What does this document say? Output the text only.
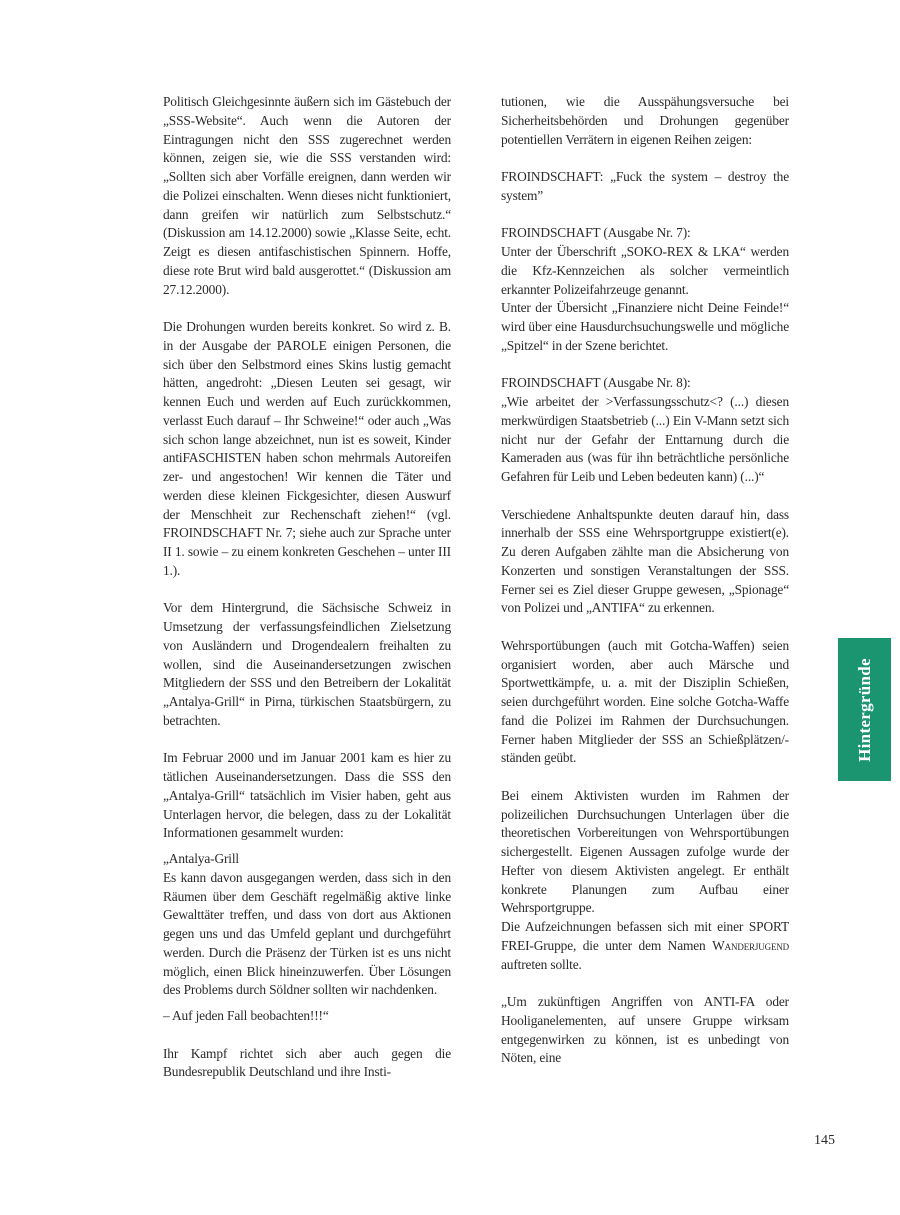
Politisch Gleichgesinnte äußern sich im Gästebuch der „SSS-Website“. Auch wenn die Autoren der Eintragungen nicht den SSS zugerechnet werden können, zeigen sie, wie die SSS verstanden wird: „Sollten sich aber Vorfälle ereignen, dann werden wir die Polizei einschalten. Wenn dieses nicht funktioniert, dann greifen wir natürlich zum Selbstschutz.“ (Diskussion am 14.12.2000) sowie „Klasse Seite, echt. Zeigt es diesen antifaschistischen Spinnern. Hoffe, diese rote Brut wird bald ausgerottet.“ (Diskussion am 27.12.2000).

Die Drohungen wurden bereits konkret. So wird z. B. in der Ausgabe der PAROLE einigen Personen, die sich über den Selbstmord eines Skins lustig gemacht hätten, angedroht: „Diesen Leuten sei gesagt, wir kennen Euch und werden auf Euch zurückkommen, verlasst Euch darauf – Ihr Schweine!“ oder auch „Was sich schon lange abzeichnet, nun ist es soweit, Kinder antiFASCHISTEN haben schon mehrmals Autoreifen zer- und angestochen! Wir kennen die Täter und werden diese kleinen Fickgesichter, diesen Auswurf der Menschheit zur Rechenschaft ziehen!“ (vgl. FROINDSCHAFT Nr. 7; siehe auch zur Sprache unter II 1. sowie – zu einem konkreten Geschehen – unter III 1.).

Vor dem Hintergrund, die Sächsische Schweiz in Umsetzung der verfassungsfeindlichen Zielsetzung von Ausländern und Drogendealern freihalten zu wollen, sind die Auseinandersetzungen zwischen Mitgliedern der SSS und den Betreibern der Lokalität „Antalya-Grill“ in Pirna, türkischen Staatsbürgern, zu betrachten.

Im Februar 2000 und im Januar 2001 kam es hier zu tätlichen Auseinandersetzungen. Dass die SSS den „Antalya-Grill“ tatsächlich im Visier haben, geht aus Unterlagen hervor, die belegen, dass zu der Lokalität Informationen gesammelt wurden:

„Antalya-Grill
Es kann davon ausgegangen werden, dass sich in den Räumen über dem Geschäft regelmäßig aktive linke Gewalttäter treffen, und dass von dort aus Aktionen gegen uns und das Umfeld geplant und durchgeführt werden. Durch die Präsenz der Türken ist es uns nicht möglich, einen Blick hineinzuwerfen. Über Lösungen des Problems durch Söldner sollten wir nachdenken.

– Auf jeden Fall beobachten!!!“

Ihr Kampf richtet sich aber auch gegen die Bundesrepublik Deutschland und ihre Insti-

tutionen, wie die Ausspähungsversuche bei Sicherheitsbehörden und Drohungen gegenüber potentiellen Verrätern in eigenen Reihen zeigen:

FROINDSCHAFT: „Fuck the system – destroy the system”

FROINDSCHAFT (Ausgabe Nr. 7):
Unter der Überschrift „SOKO-REX & LKA“ werden die Kfz-Kennzeichen als solcher vermeintlich erkannter Polizeifahrzeuge genannt.
Unter der Übersicht „Finanziere nicht Deine Feinde!“ wird über eine Hausdurchsuchungswelle und mögliche „Spitzel“ in der Szene berichtet.

FROINDSCHAFT (Ausgabe Nr. 8):
„Wie arbeitet der >Verfassungsschutz<? (...) diesen merkwürdigen Staatsbetrieb (...) Ein V-Mann setzt sich nicht nur der Gefahr der Enttarnung durch die Kameraden aus (was für ihn beträchtliche persönliche Gefahren für Leib und Leben bedeuten kann) (...)“

Verschiedene Anhaltspunkte deuten darauf hin, dass innerhalb der SSS eine Wehrsportgruppe existiert(e). Zu deren Aufgaben zählte man die Absicherung von Konzerten und sonstigen Veranstaltungen der SSS. Ferner sei es Ziel dieser Gruppe gewesen, „Spionage“ von Polizei und „ANTIFA“ zu erkennen.

Wehrsportübungen (auch mit Gotcha-Waffen) seien organisiert worden, aber auch Märsche und Sportwettkämpfe, u. a. mit der Disziplin Schießen, seien durchgeführt worden. Eine solche Gotcha-Waffe fand die Polizei im Rahmen der Durchsuchungen. Ferner haben Mitglieder der SSS an Schießplätzen/-ständen geübt.

Bei einem Aktivisten wurden im Rahmen der polizeilichen Durchsuchungen Unterlagen über die theoretischen Vorbereitungen von Wehrsportübungen sichergestellt. Eigenen Aussagen zufolge wurde der Hefter von diesem Aktivisten angelegt. Er enthält konkrete Planungen zum Aufbau einer Wehrsportgruppe.

Die Aufzeichnungen befassen sich mit einer SPORT FREI-Gruppe, die unter dem Namen Wanderjugend auftreten sollte.

„Um zukünftigen Angriffen von ANTI-FA oder Hooliganelementen, auf unsere Gruppe wirksam entgegenwirken zu können, ist es unbedingt von Nöten, eine

Hintergründe
145
